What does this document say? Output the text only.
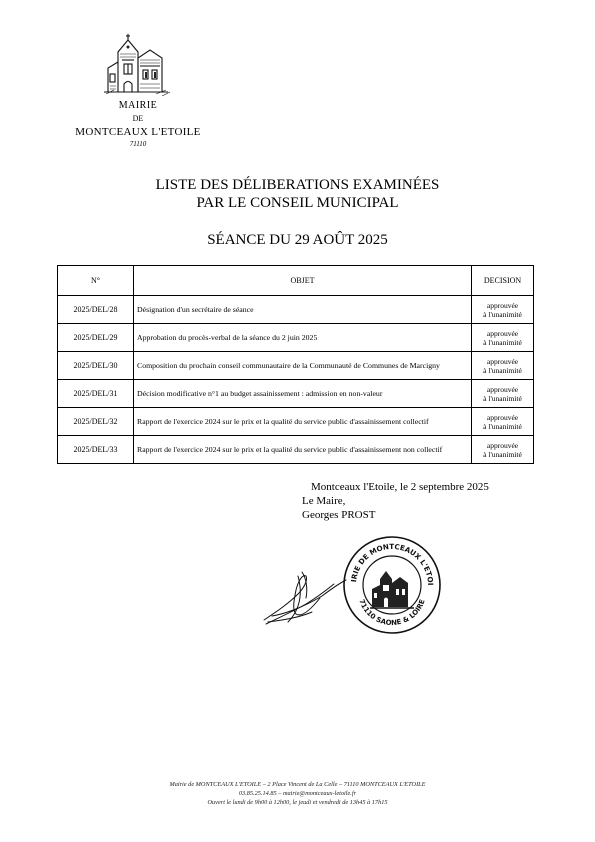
MAIRIE
DE
MONTCEAUX L'ETOILE
71110
LISTE DES DÉLIBERATIONS EXAMINÉES
PAR LE CONSEIL MUNICIPAL
SÉANCE DU 29 AOÛT 2025
N°	OBJET	DECISION
2025/DEL/28	Désignation d'un secrétaire de séance	approuvée
à l'unanimité

2025/DEL/29	Approbation du procès-verbal de la séance du 2 juin 2025	approuvée
à l'unanimité

2025/DEL/30	Composition du prochain conseil communautaire de la Communauté de Communes de Marcigny	approuvée
à l'unanimité

2025/DEL/31	Décision modificative n°1 au budget assainissement : admission en non-valeur	approuvée
à l'unanimité

2025/DEL/32	Rapport de l'exercice 2024 sur le prix et la qualité du service public d'assainissement collectif	approuvée
à l'unanimité

2025/DEL/33	Rapport de l'exercice 2024 sur le prix et la qualité du service public d'assainissement non collectif	approuvée
à l'unanimité
Montceaux l'Etoile, le 2 septembre 2025
Le Maire,
Georges PROST
IRIE DE MONTCEAUX L'ETOI
71110 SAONE & LOIRE
Mairie de MONTCEAUX L'ETOILE – 2 Place Vincent de La Celle – 71110 MONTCEAUX L'ETOILE
03.85.25.14.85 – mairie@montceaux-letoile.fr
Ouvert le lundi de 9h00 à 12h00, le jeudi et vendredi de 13h45 à 17h15
